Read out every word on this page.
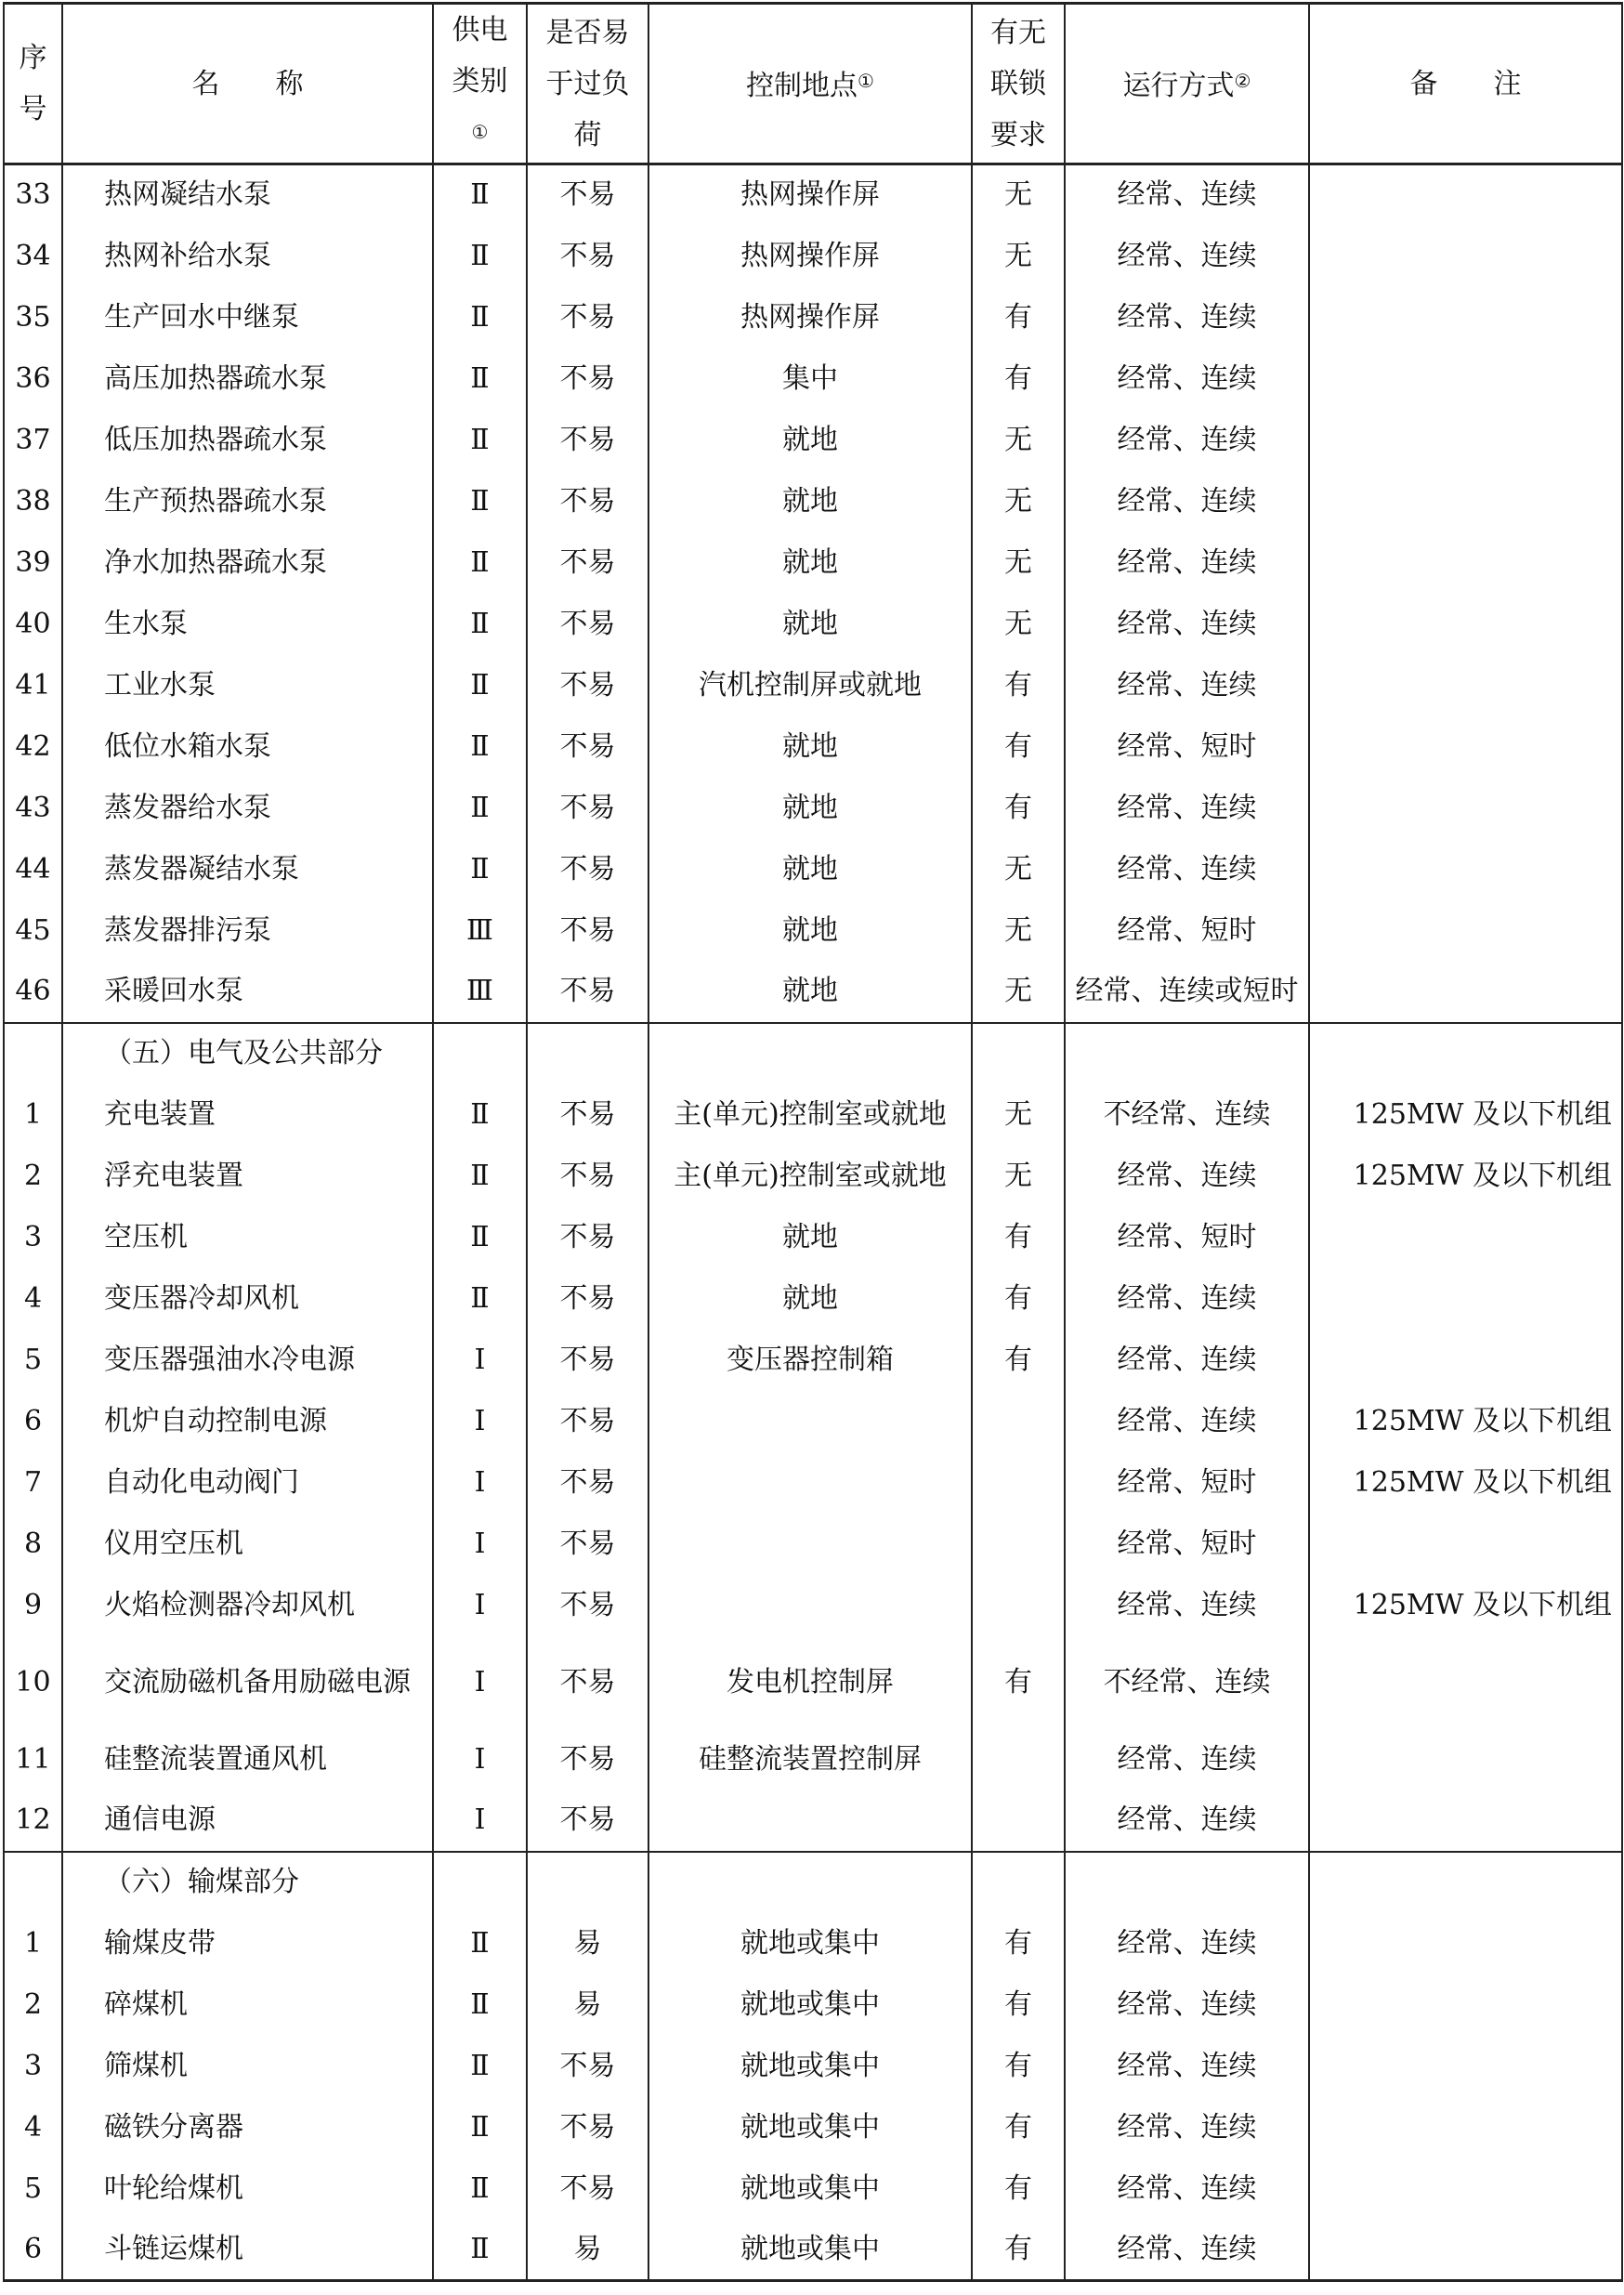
序号	名　　称	供电类别①	是否易于过负荷	控制地点①	有无联锁要求	运行方式②	备　　注
33	热网凝结水泵	Ⅱ	不易	热网操作屏	无	经常、连续	
34	热网补给水泵	Ⅱ	不易	热网操作屏	无	经常、连续	
35	生产回水中继泵	Ⅱ	不易	热网操作屏	有	经常、连续	
36	高压加热器疏水泵	Ⅱ	不易	集中	有	经常、连续	
37	低压加热器疏水泵	Ⅱ	不易	就地	无	经常、连续	
38	生产预热器疏水泵	Ⅱ	不易	就地	无	经常、连续	
39	净水加热器疏水泵	Ⅱ	不易	就地	无	经常、连续	
40	生水泵	Ⅱ	不易	就地	无	经常、连续	
41	工业水泵	Ⅱ	不易	汽机控制屏或就地	有	经常、连续	
42	低位水箱水泵	Ⅱ	不易	就地	有	经常、短时	
43	蒸发器给水泵	Ⅱ	不易	就地	有	经常、连续	
44	蒸发器凝结水泵	Ⅱ	不易	就地	无	经常、连续	
45	蒸发器排污泵	Ⅲ	不易	就地	无	经常、短时	
46	采暖回水泵	Ⅲ	不易	就地	无	经常、连续或短时	
	（五）电气及公共部分						
1	充电装置	Ⅱ	不易	主(单元)控制室或就地	无	不经常、连续	125MW 及以下机组
2	浮充电装置	Ⅱ	不易	主(单元)控制室或就地	无	经常、连续	125MW 及以下机组
3	空压机	Ⅱ	不易	就地	有	经常、短时	
4	变压器冷却风机	Ⅱ	不易	就地	有	经常、连续	
5	变压器强油水冷电源	Ⅰ	不易	变压器控制箱	有	经常、连续	
6	机炉自动控制电源	Ⅰ	不易			经常、连续	125MW 及以下机组
7	自动化电动阀门	Ⅰ	不易			经常、短时	125MW 及以下机组
8	仪用空压机	Ⅰ	不易			经常、短时	
9	火焰检测器冷却风机	Ⅰ	不易			经常、连续	125MW 及以下机组
10	交流励磁机备用励磁电源	Ⅰ	不易	发电机控制屏	有	不经常、连续	
11	硅整流装置通风机	Ⅰ	不易	硅整流装置控制屏		经常、连续	
12	通信电源	Ⅰ	不易			经常、连续	
	（六）输煤部分						
1	输煤皮带	Ⅱ	易	就地或集中	有	经常、连续	
2	碎煤机	Ⅱ	易	就地或集中	有	经常、连续	
3	筛煤机	Ⅱ	不易	就地或集中	有	经常、连续	
4	磁铁分离器	Ⅱ	不易	就地或集中	有	经常、连续	
5	叶轮给煤机	Ⅱ	不易	就地或集中	有	经常、连续	
6	斗链运煤机	Ⅱ	易	就地或集中	有	经常、连续	
